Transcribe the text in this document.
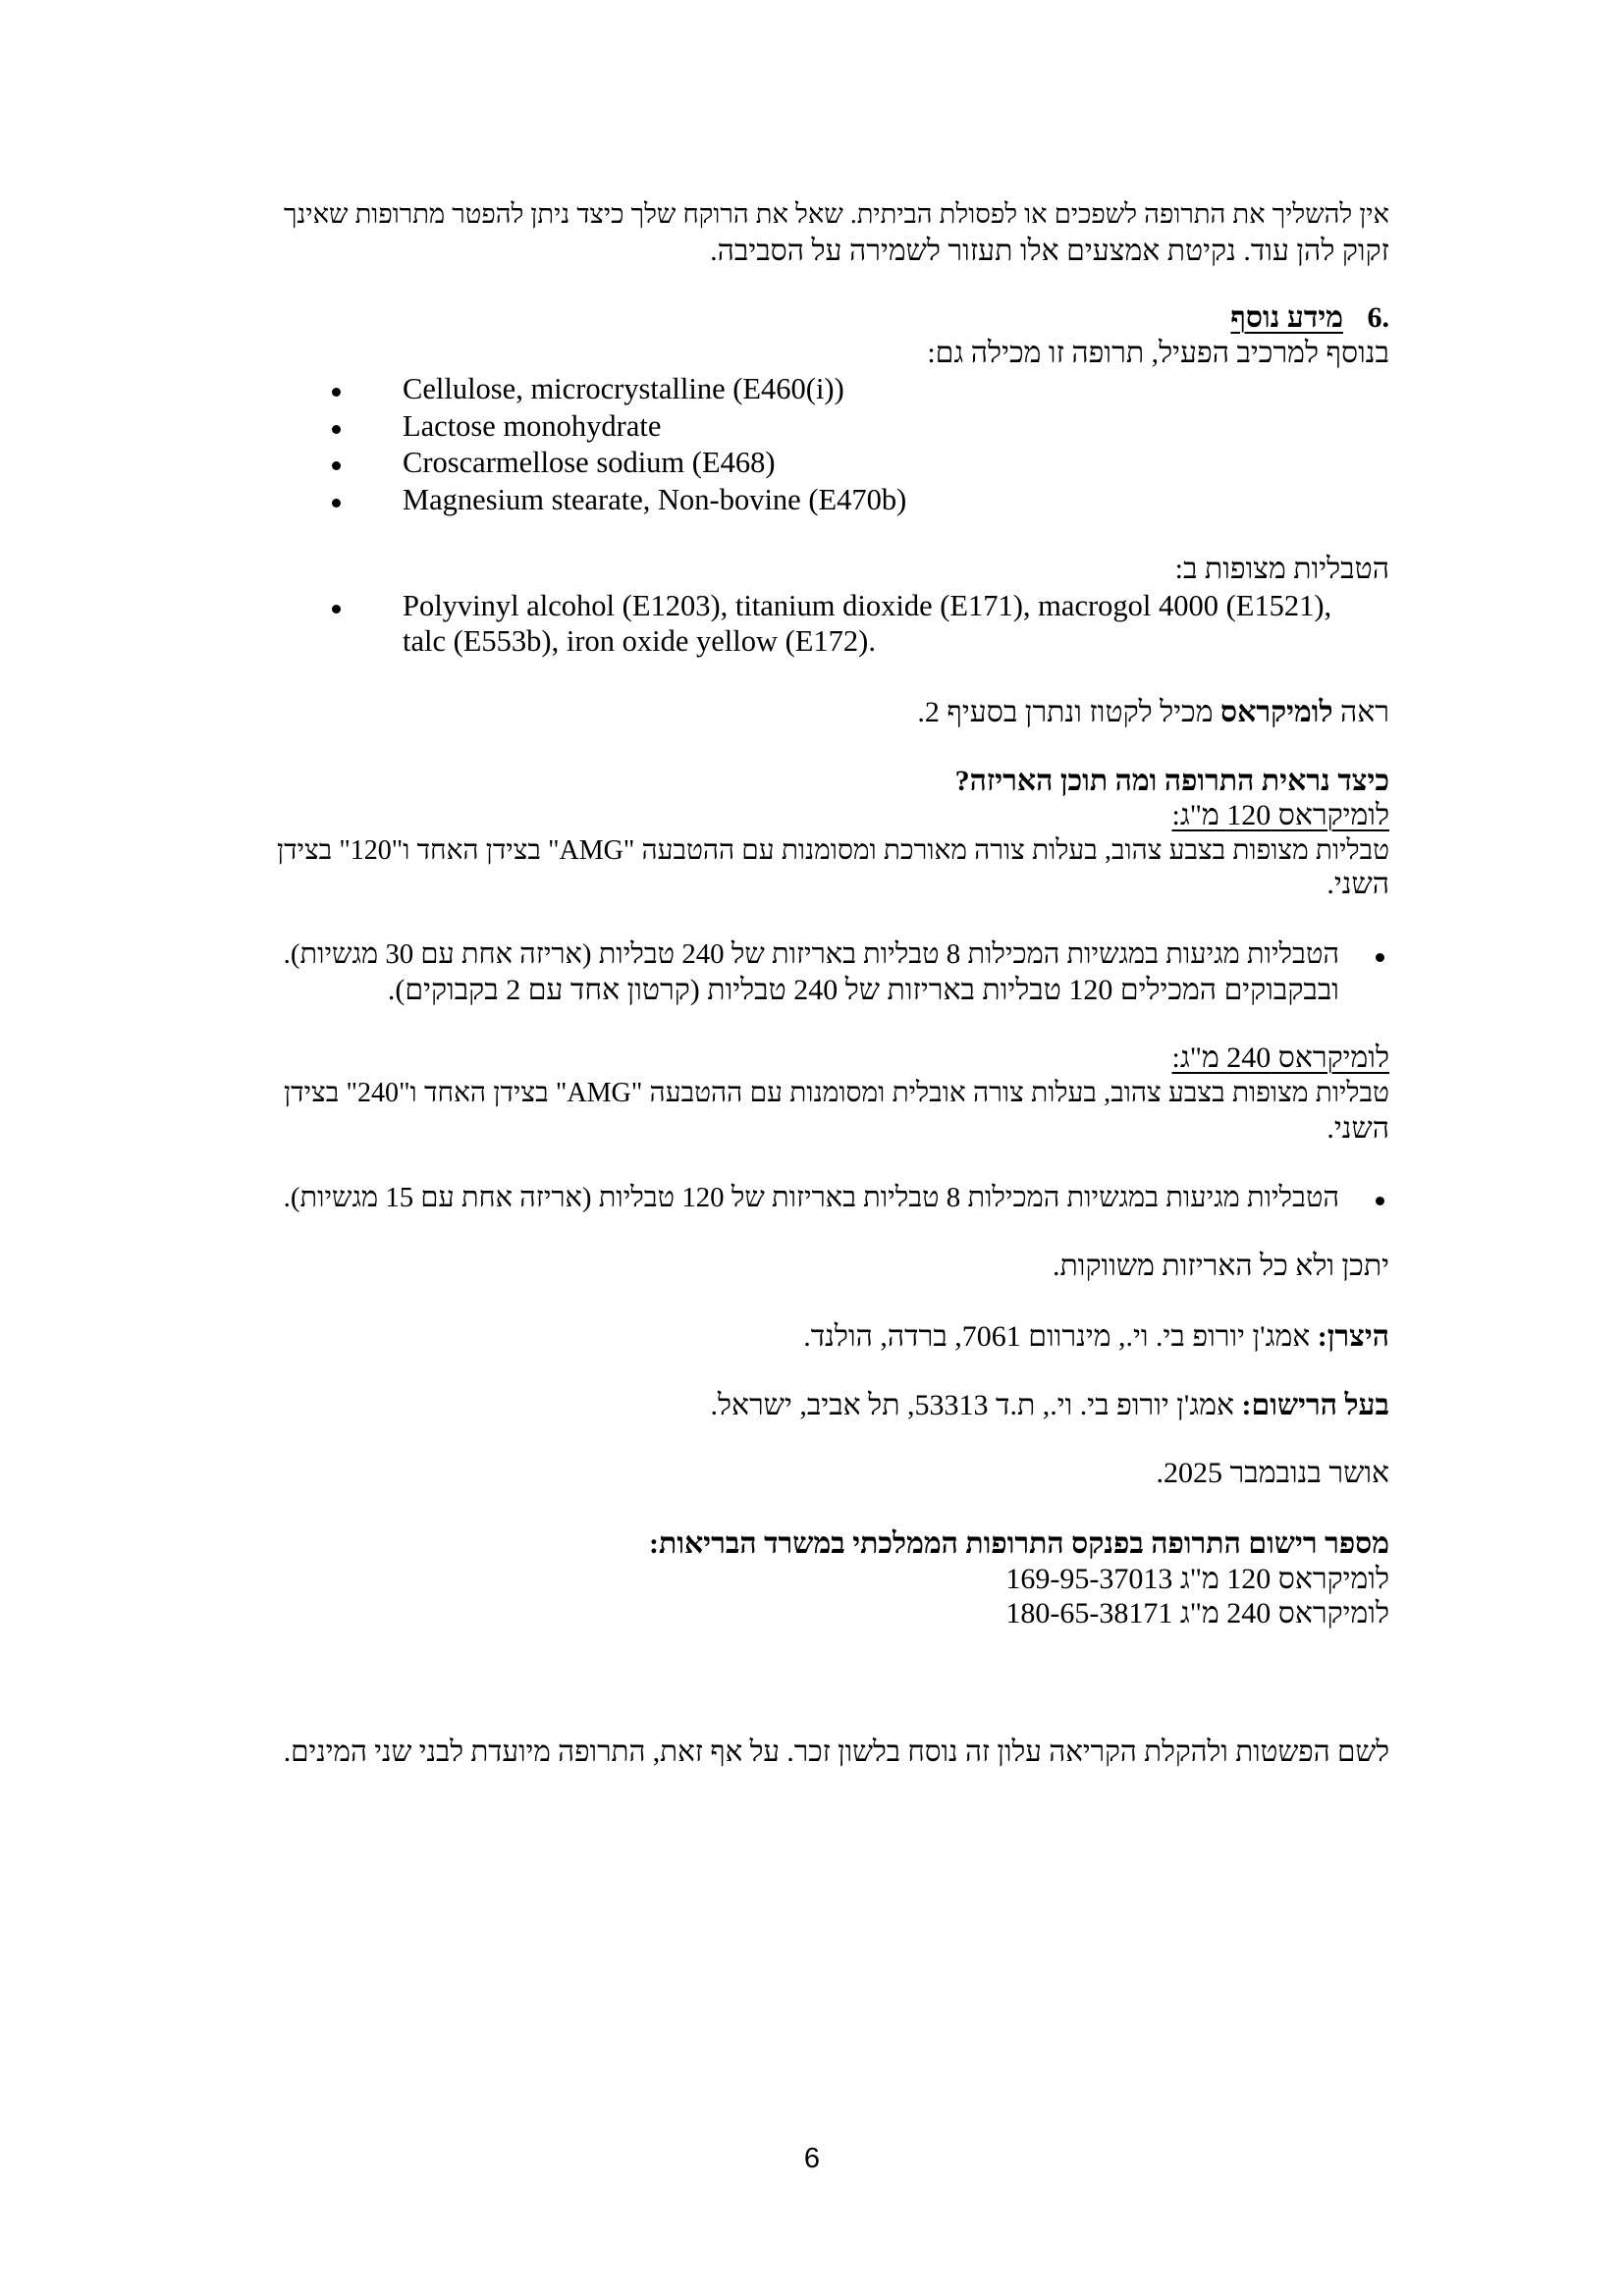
אין להשליך את התרופה לשפכים או לפסולת הביתית. שאל את הרוקח שלך כיצד ניתן להפטר מתרופות שאינך
זקוק להן עוד. נקיטת אמצעים אלו תעזור לשמירה על הסביבה.
6.
מידע נוסף
בנוסף למרכיב הפעיל, תרופה זו מכילה גם:
Cellulose, microcrystalline (E460(i))
Lactose monohydrate
Croscarmellose sodium (E468)
Magnesium stearate, Non-bovine (E470b)
הטבליות מצופות ב:
Polyvinyl alcohol (E1203), titanium dioxide (E171), macrogol 4000 (E1521),
talc (E553b), iron oxide yellow (E172).
ראה לומיקראס מכיל לקטוז ונתרן בסעיף 2.
כיצד נראית התרופה ומה תוכן האריזה?
לומיקראס 120 מ"ג:
טבליות מצופות בצבע צהוב, בעלות צורה מאורכת ומסומנות עם ההטבעה "AMG" בצידן האחד ו"120" בצידן
השני.
הטבליות מגיעות במגשיות המכילות 8 טבליות באריזות של 240 טבליות (אריזה אחת עם 30 מגשיות).
ובבקבוקים המכילים 120 טבליות באריזות של 240 טבליות (קרטון אחד עם 2 בקבוקים).
לומיקראס 240 מ"ג:
טבליות מצופות בצבע צהוב, בעלות צורה אובלית ומסומנות עם ההטבעה "AMG" בצידן האחד ו"240" בצידן
השני.
הטבליות מגיעות במגשיות המכילות 8 טבליות באריזות של 120 טבליות (אריזה אחת עם 15 מגשיות).
יתכן ולא כל האריזות משווקות.
היצרן: אמג'ן יורופ בי. וי., מינרוום 7061, ברדה, הולנד.
בעל הרישום: אמג'ן יורופ בי. וי., ת.ד 53313, תל אביב, ישראל.
אושר בנובמבר 2025.
מספר רישום התרופה בפנקס התרופות הממלכתי במשרד הבריאות:
לומיקראס 120 מ"ג 169-95-37013
לומיקראס 240 מ"ג 180-65-38171
לשם הפשטות ולהקלת הקריאה עלון זה נוסח בלשון זכר. על אף זאת, התרופה מיועדת לבני שני המינים.
6
